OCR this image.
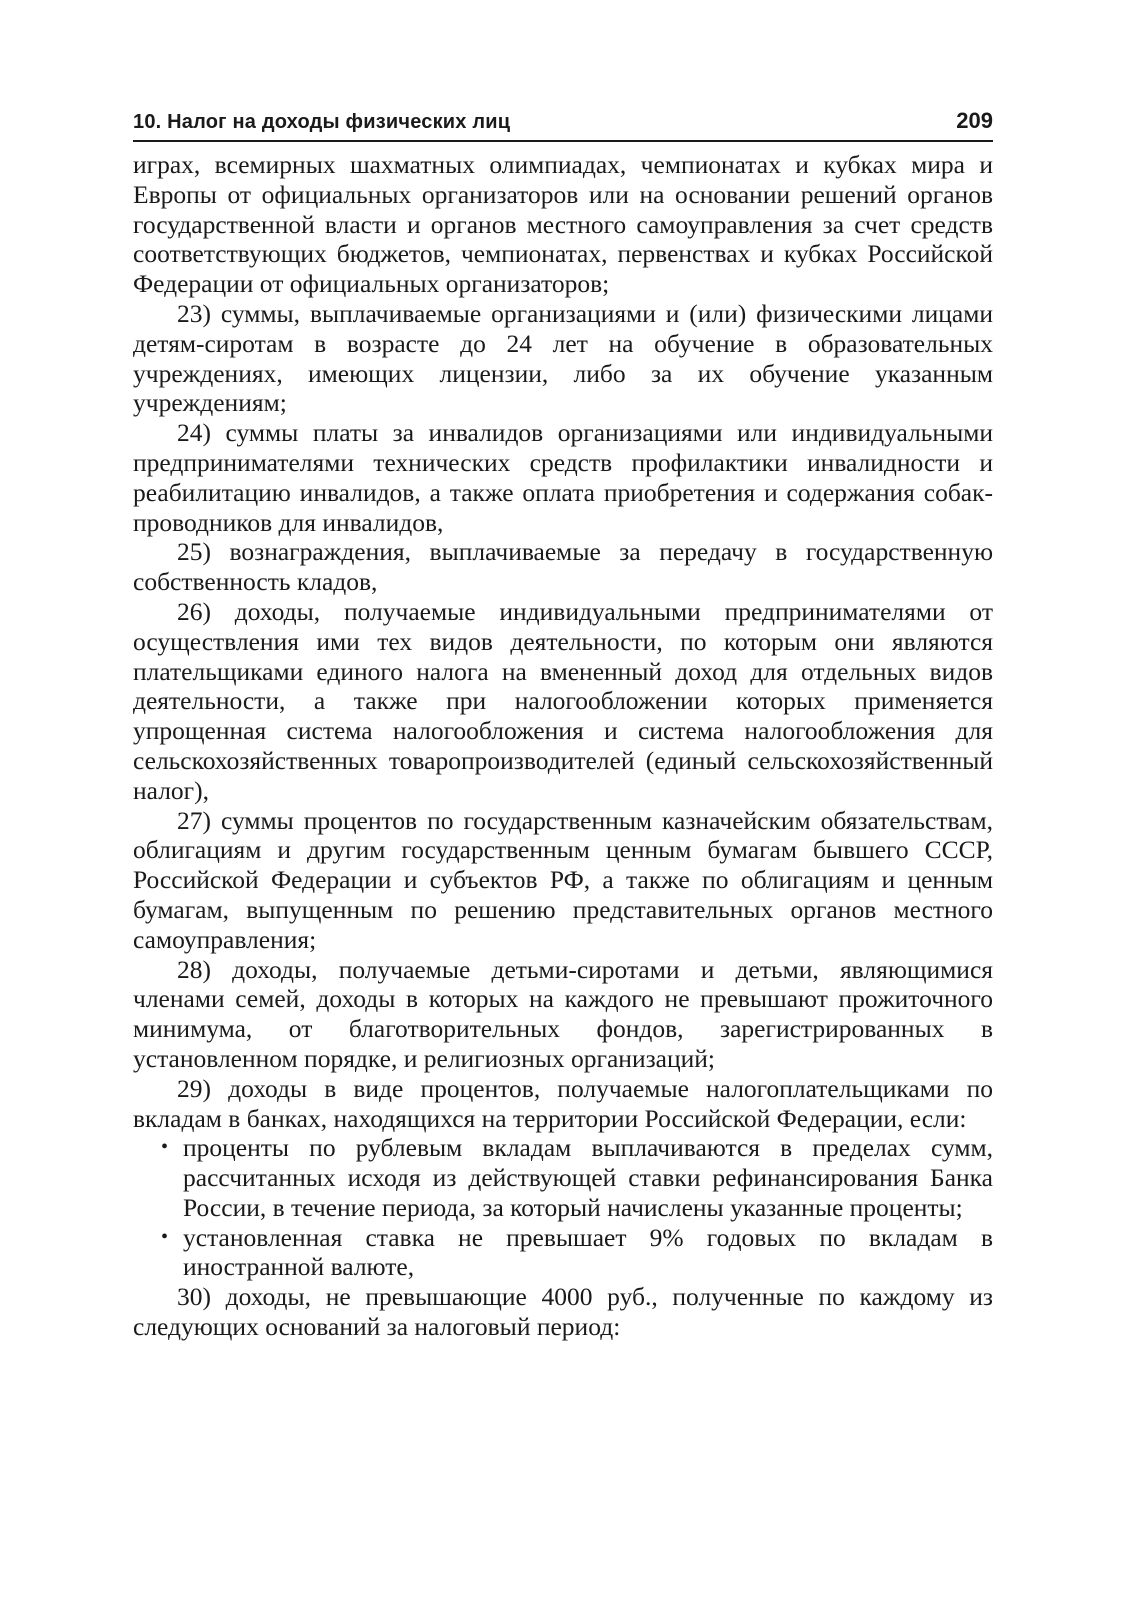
10. Налог на доходы физических лиц	209

играх, всемирных шахматных олимпиадах, чемпионатах и кубках мира и Европы от официальных организаторов или на основании решений органов государственной власти и органов местного самоуправления за счет средств соответствующих бюджетов, чемпионатах, первенствах и кубках Российской Федерации от официальных организаторов;

23) суммы, выплачиваемые организациями и (или) физическими лицами детям-сиротам в возрасте до 24 лет на обучение в образовательных учреждениях, имеющих лицензии, либо за их обучение указанным учреждениям;

24) суммы платы за инвалидов организациями или индивидуальными предпринимателями технических средств профилактики инвалидности и реабилитацию инвалидов, а также оплата приобретения и содержания собак-проводников для инвалидов,

25) вознаграждения, выплачиваемые за передачу в государственную собственность кладов,

26) доходы, получаемые индивидуальными предпринимателями от осуществления ими тех видов деятельности, по которым они являются плательщиками единого налога на вмененный доход для отдельных видов деятельности, а также при налогообложении которых применяется упрощенная система налогообложения и система налогообложения для сельскохозяйственных товаропроизводителей (единый сельскохозяйственный налог),

27) суммы процентов по государственным казначейским обязательствам, облигациям и другим государственным ценным бумагам бывшего СССР, Российской Федерации и субъектов РФ, а также по облигациям и ценным бумагам, выпущенным по решению представительных органов местного самоуправления;

28) доходы, получаемые детьми-сиротами и детьми, являющимися членами семей, доходы в которых на каждого не превышают прожиточного минимума, от благотворительных фондов, зарегистрированных в установленном порядке, и религиозных организаций;

29) доходы в виде процентов, получаемые налогоплательщиками по вкладам в банках, находящихся на территории Российской Федерации, если:

• проценты по рублевым вкладам выплачиваются в пределах сумм, рассчитанных исходя из действующей ставки рефинансирования Банка России, в течение периода, за который начислены указанные проценты;
• установленная ставка не превышает 9% годовых по вкладам в иностранной валюте,

30) доходы, не превышающие 4000 руб., полученные по каждому из следующих оснований за налоговый период:
